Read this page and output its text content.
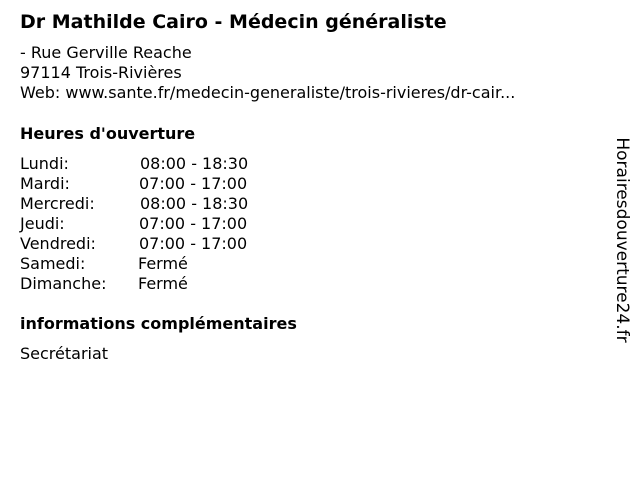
Dr Mathilde Cairo - Médecin généraliste
- Rue Gerville Reache
97114 Trois-Rivières
Web: www.sante.fr/medecin-generaliste/trois-rivieres/dr-cair...
Heures d'ouverture
Lundi:	08:00 - 18:30
Mardi:	07:00 - 17:00
Mercredi:	08:00 - 18:30
Jeudi:	07:00 - 17:00
Vendredi:	07:00 - 17:00
Samedi:	Fermé
Dimanche: Fermé
informations complémentaires
Secrétariat
Horairesdouverture24.fr
